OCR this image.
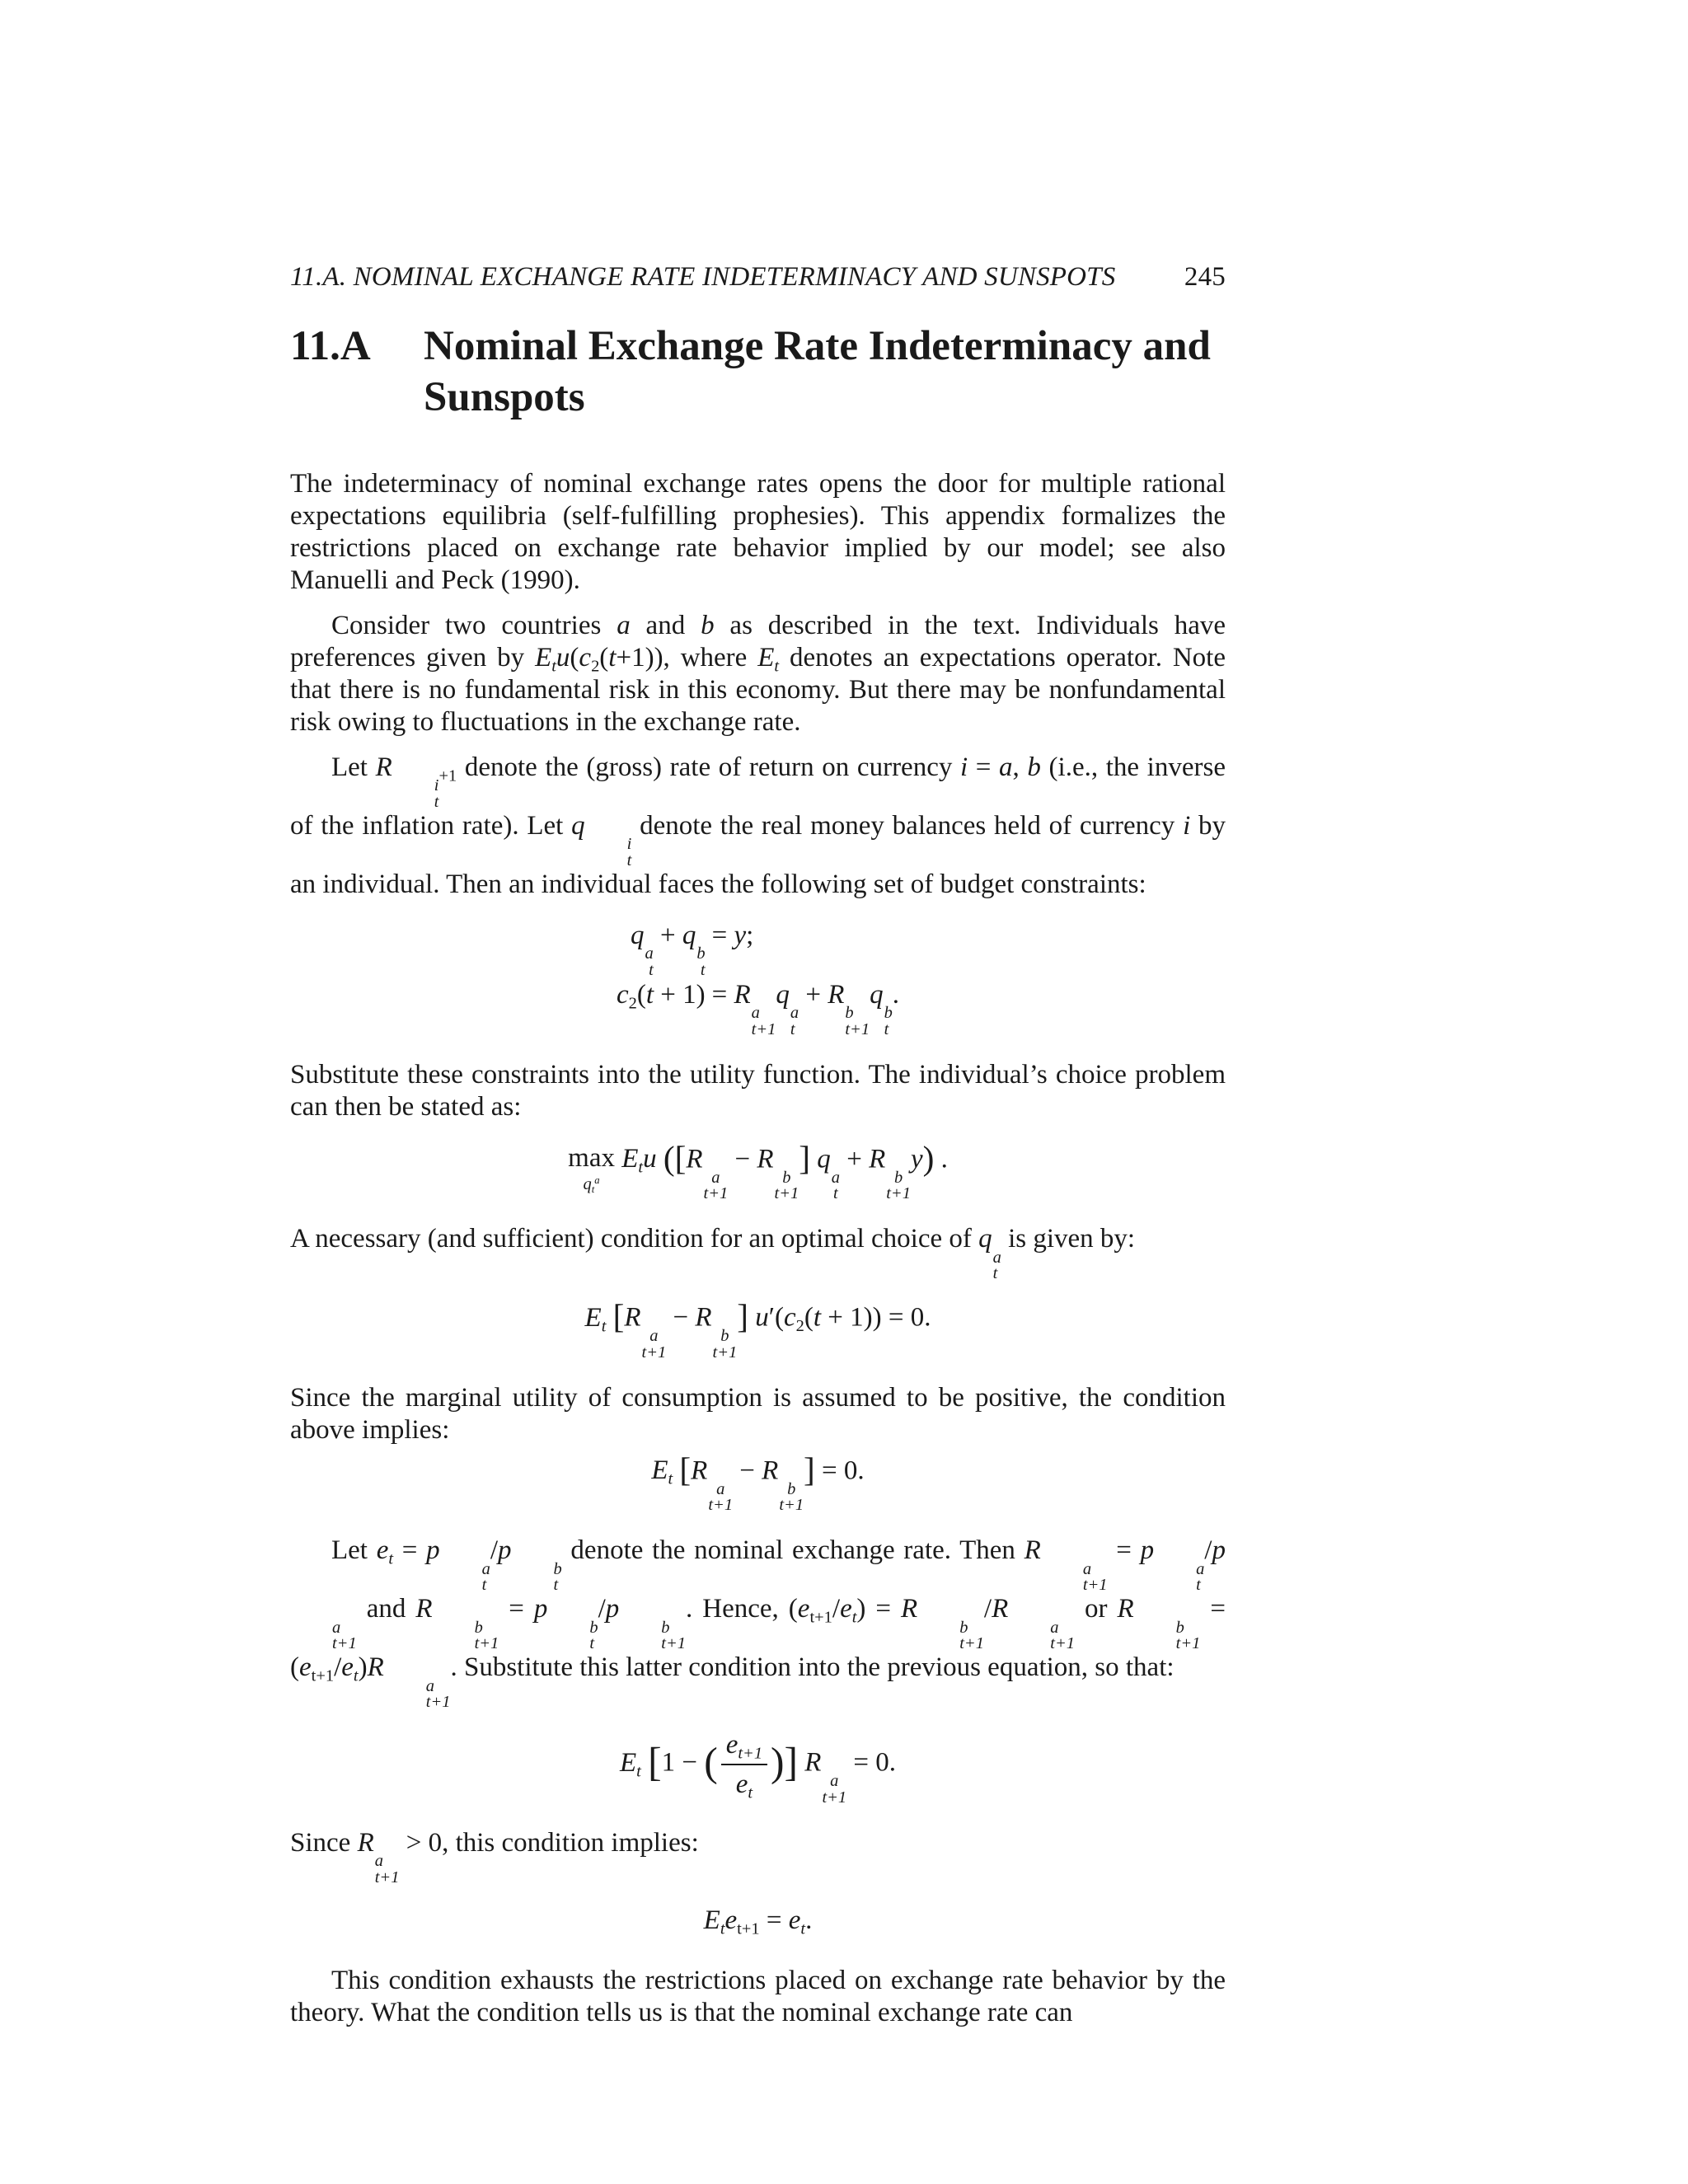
11.A. NOMINAL EXCHANGE RATE INDETERMINACY AND SUNSPOTS	245
11.A	Nominal Exchange Rate Indeterminacy and
Sunspots

The indeterminacy of nominal exchange rates opens the door for multiple rational expectations equilibria (self-fulfilling prophesies). This appendix formalizes the restrictions placed on exchange rate behavior implied by our model; see also Manuelli and Peck (1990).

Consider two countries a and b as described in the text. Individuals have preferences given by $E_tu(c_2(t+1))$, where $E_t$ denotes an expectations operator. Note that there is no fundamental risk in this economy. But there may be nonfundamental risk owing to fluctuations in the exchange rate.

Let R
i
t
$_{+1}$ denote the (gross) rate of return on currency i = a, b (i.e., the inverse of the inflation rate). Let q
i
t
denote the real money balances held of currency i by an individual. Then an individual faces the following set of budget constraints:

q
a
t
+ q
b
t
= y;
$c_2(t + 1) = R$
a
t+1
q
a
t
+ R
b
t+1
q
b
t
.

Substitute these constraints into the utility function. The individual’s choice problem can then be stated as:

max
$q_t^a$
$E_tu$ ([R
a
t+1
− R
b
t+1
] q
a
t
+ R
b
t+1
y) .

A necessary (and sufficient) condition for an optimal choice of q
a
t
is given by:

$E_t$ [R
a
t+1
− R
b
t+1
] $u'(c_2(t + 1)) = 0$.

Since the marginal utility of consumption is assumed to be positive, the condition above implies:

$E_t$ [R
a
t+1
− R
b
t+1
] = 0.

Let $e_t = p$
a
t
/p
b
t
denote the nominal exchange rate. Then R
a
t+1
= p
a
t
/p
a
t+1
and R
b
t+1
= p
b
t
/p
b
t+1
. Hence, $(e_{t+1}/e_t) = R$
b
t+1
/R
a
t+1
or R
b
t+1
= $(e_{t+1}/e_t)R$
a
t+1
. Substitute this latter condition into the previous equation, so that:

$E_t$ [1 − ( $\frac{e_{t+1}}{e_t}$ )] R
a
t+1
= 0.

Since R
a
t+1
> 0, this condition implies:

$E_te_{t+1} = e_t$.

This condition exhausts the restrictions placed on exchange rate behavior by the theory. What the condition tells us is that the nominal exchange rate can
